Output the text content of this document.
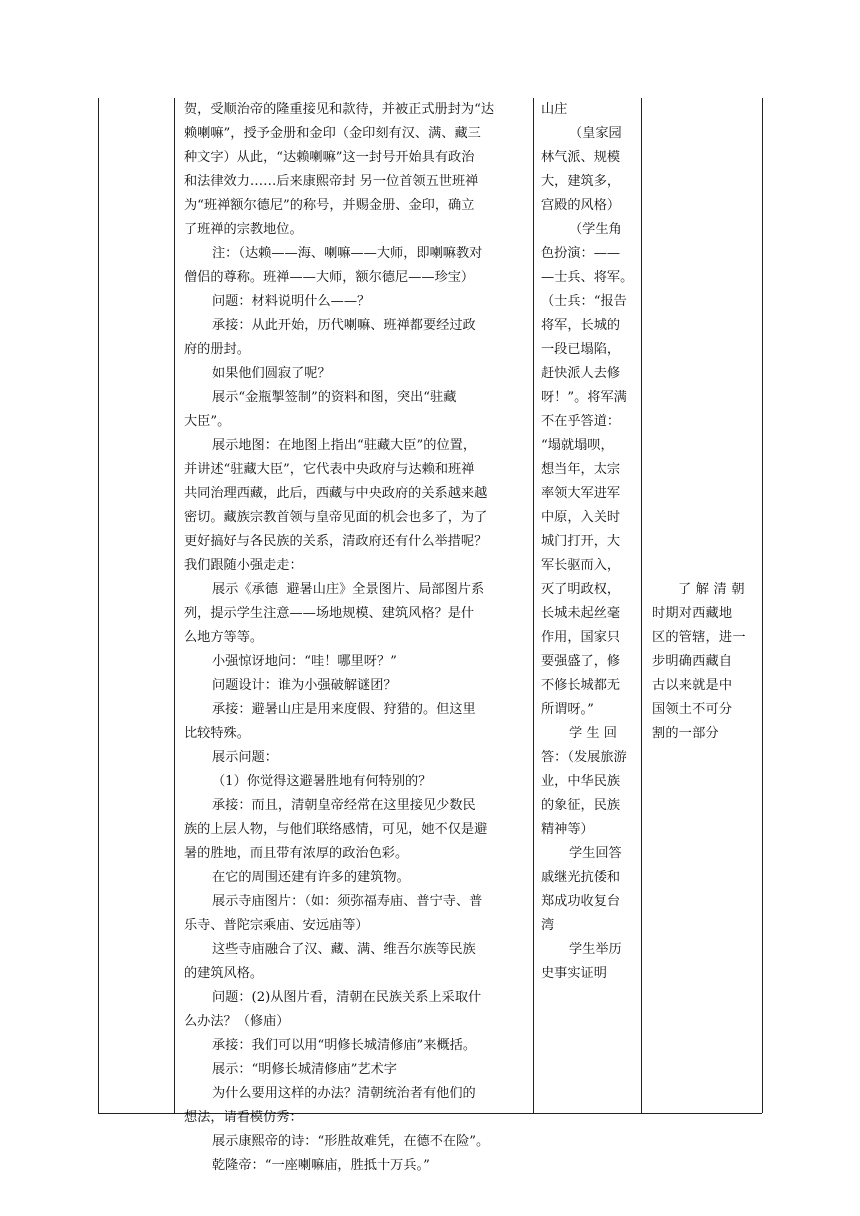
贺，受顺治帝的隆重接见和款待，并被正式册封为“达

赖喇嘛”，授予金册和金印（金印刻有汉、满、藏三

种文字）从此，“达赖喇嘛”这一封号开始具有政治

和法律效力……后来康熙帝封 另一位首领五世班禅

为“班禅额尔德尼”的称号，并赐金册、金印，确立

了班禅的宗教地位。

注：（达赖——海、喇嘛——大师，即喇嘛教对

僧侣的尊称。班禅——大师，额尔德尼——珍宝）

问题：材料说明什么——？

承接：从此开始，历代喇嘛、班禅都要经过政

府的册封。

如果他们圆寂了呢？

展示“金瓶掣签制”的资料和图，突出“驻藏

大臣”。

展示地图：在地图上指出“驻藏大臣”的位置，

并讲述“驻藏大臣”，它代表中央政府与达赖和班禅

共同治理西藏，此后，西藏与中央政府的关系越来越

密切。藏族宗教首领与皇帝见面的机会也多了，为了

更好搞好与各民族的关系，清政府还有什么举措呢？

我们跟随小强走走：

展示《承德  避暑山庄》全景图片、局部图片系

列，提示学生注意——场地规模、建筑风格？是什

么地方等等。

小强惊讶地问：“哇！哪里呀？”

问题设计：谁为小强破解谜团？

承接：避暑山庄是用来度假、狩猎的。但这里

比较特殊。

展示问题：

（1）你觉得这避暑胜地有何特别的？

承接：而且，清朝皇帝经常在这里接见少数民

族的上层人物，与他们联络感情，可见，她不仅是避

暑的胜地，而且带有浓厚的政治色彩。

在它的周围还建有许多的建筑物。

展示寺庙图片：（如：须弥福寿庙、普宁寺、普

乐寺、普陀宗乘庙、安远庙等）

这些寺庙融合了汉、藏、满、维吾尔族等民族

的建筑风格。

问题：(2)从图片看，清朝在民族关系上采取什

么办法？（修庙）

承接：我们可以用“明修长城清修庙”来概括。

展示：“明修长城清修庙”艺术字

为什么要用这样的办法？清朝统治者有他们的

想法，请看模仿秀：

展示康熙帝的诗：“形胜故难凭，在德不在险”。

乾隆帝：“一座喇嘛庙，胜抵十万兵。”

山庄

（皇家园

林气派、规模

大，建筑多，

宫殿的风格）

（学生角

色扮演：——

—士兵、将军。

（士兵：“报告

将军，长城的

一段已塌陷，

赶快派人去修

呀！”。将军满

不在乎答道：

“塌就塌呗，

想当年，太宗

率领大军进军

中原，入关时

城门打开，大

军长驱而入，

灭了明政权，

长城未起丝毫

作用，国家只

要强盛了，修

不修长城都无

所谓呀。”

学 生 回

答：（发展旅游

业，中华民族

的象征，民族

精神等）

学生回答

戚继光抗倭和

郑成功收复台

湾

学生举历

史事实证明

了 解 清 朝

时期对西藏地

区的管辖，进一

步明确西藏自

古以来就是中

国领土不可分

割的一部分
